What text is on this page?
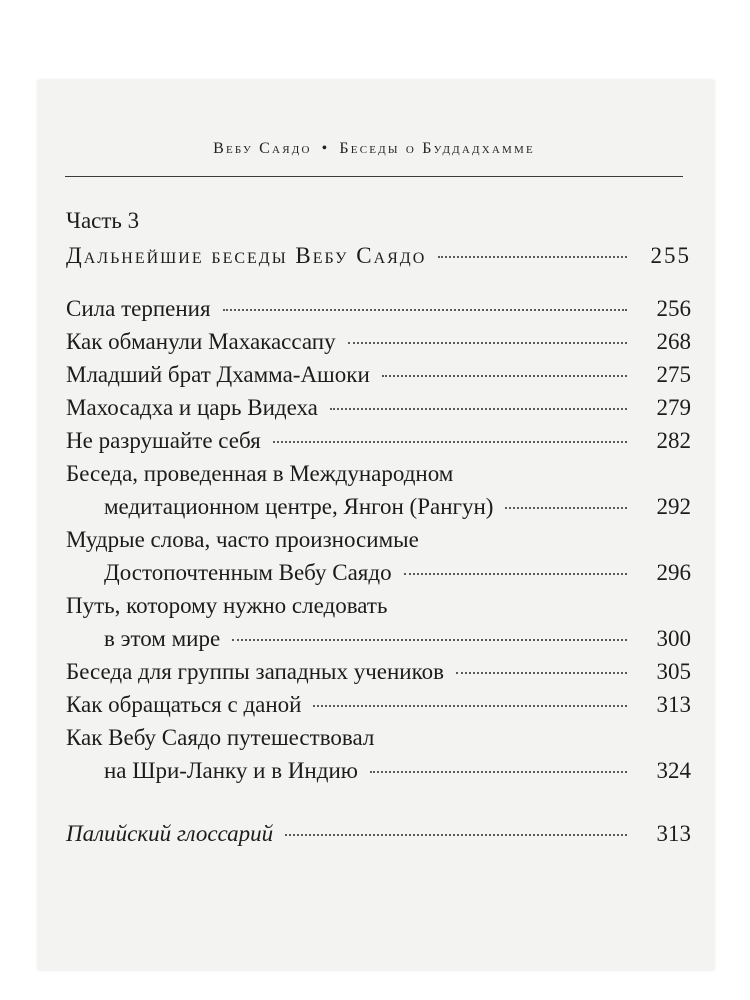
Вебу Саядо • Беседы о Буддадхамме
Часть 3
Дальнейшие беседы Вебу Саядо	255
Сила терпения	256
Как обманули Махакассапу	268
Младший брат Дхамма-Ашоки	275
Махосадха и царь Видеха	279
Не разрушайте себя	282
Беседа, проведенная в Международном
медитационном центре, Янгон (Рангун)	292
Мудрые слова, часто произносимые
Достопочтенным Вебу Саядо	296
Путь, которому нужно следовать
в этом мире	300
Беседа для группы западных учеников	305
Как обращаться с даной	313
Как Вебу Саядо путешествовал
на Шри-Ланку и в Индию	324
Палийский глоссарий	313
